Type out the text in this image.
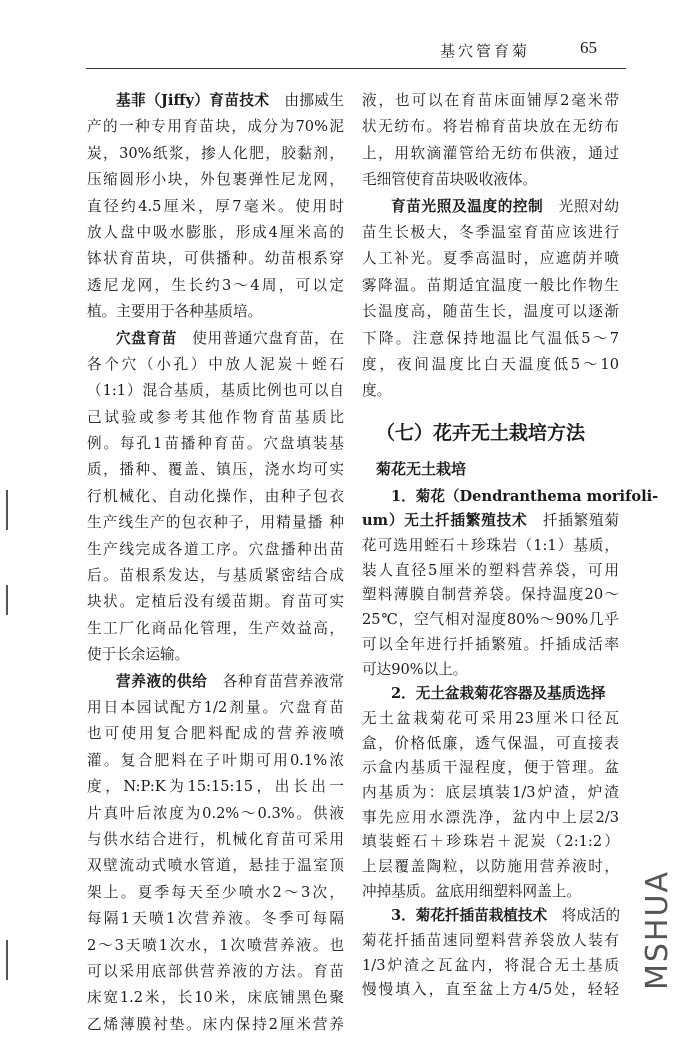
基穴管育菊	65
基菲（Jiffy）育苗技术　由挪威生
产的一种专用育苗块，成分为70%泥
炭，30%纸浆，掺人化肥，胶黏剂，
压缩圆形小块，外包裹弹性尼龙网，
直径约4.5厘米，厚7毫米。使用时
放人盘中吸水膨胀，形成4厘米高的
钵状育苗块，可供播种。幼苗根系穿
透尼龙网，生长约3～4周，可以定
植。主要用于各种基质培。
穴盘育苗　使用普通穴盘育苗，在
各个穴（小孔）中放人泥炭＋蛭石
（1:1）混合基质，基质比例也可以自
己试验或参考其他作物育苗基质比
例。每孔1苗播种育苗。穴盘填装基
质，播种、覆盖、镇压，浇水均可实
行机械化、自动化操作，由种子包衣
生产线生产的包衣种子，用精量播 种
生产线完成各道工序。穴盘播种出苗
后。苗根系发达，与基质紧密结合成
块状。定植后没有缓苗期。育苗可实
生工厂化商品化管理，生产效益高，
使于长余运输。
营养液的供给　各种育苗营养液常
用日本园试配方1/2剂量。穴盘育苗
也可使用复合肥料配成的营养液喷
灌。复合肥料在子叶期可用0.1%浓
度，N:P:K为15:15:15，出长出一
片真叶后浓度为0.2%～0.3%。供液
与供水结合进行，机械化育苗可采用
双壁流动式喷水管道，悬挂于温室顶
架上。夏季每天至少喷水2～3次，
每隔1天喷1次营养液。冬季可每隔
2～3天喷1次水，1次喷营养液。也
可以采用底部供营养液的方法。育苗
床宽1.2米，长10米，床底铺黑色聚
乙烯薄膜衬垫。床内保持2厘米营养
液，也可以在育苗床面铺厚2毫米带
状无纺布。将岩棉育苗块放在无纺布
上，用软滴灌管给无纺布供液，通过
毛细管使育苗块吸收液体。
育苗光照及温度的控制　光照对幼
苗生长极大，冬季温室育苗应该进行
人工补光。夏季高温时，应遮荫并喷
雾降温。苗期适宜温度一般比作物生
长温度高，随苗生长，温度可以逐渐
下降。注意保持地温比气温低5～7
度，夜间温度比白天温度低5～10
度。
（七）花卉无土栽培方法
菊花无土栽培
1．菊花（Dendranthema morifoli-
um）无土扦插繁殖技术　扦插繁殖菊
花可选用蛭石＋珍珠岩（1:1）基质，
装人直径5厘米的塑料营养袋，可用
塑料薄膜自制营养袋。保持温度20～
25℃，空气相对湿度80%～90%几乎
可以全年进行扦插繁殖。扦插成活率
可达90%以上。
2．无土盆栽菊花容器及基质选择
无土盆栽菊花可采用23厘米口径瓦
盒，价格低廉，透气保温，可直接表
示盒内基质干湿程度，便于管理。盆
内基质为：底层填装1/3炉渣，炉渣
事先应用水漂洗净，盆内中上层2/3
填装蛭石＋珍珠岩＋泥炭（2:1:2）
上层覆盖陶粒，以防施用营养液时，
冲掉基质。盆底用细塑料网盖上。
3．菊花扦插苗栽植技术　将成活的
菊花扦插苗速同塑料营养袋放人装有
1/3炉渣之瓦盆内，将混合无土基质
慢慢填入，直至盆上方4/5处，轻轻 MSHUA
